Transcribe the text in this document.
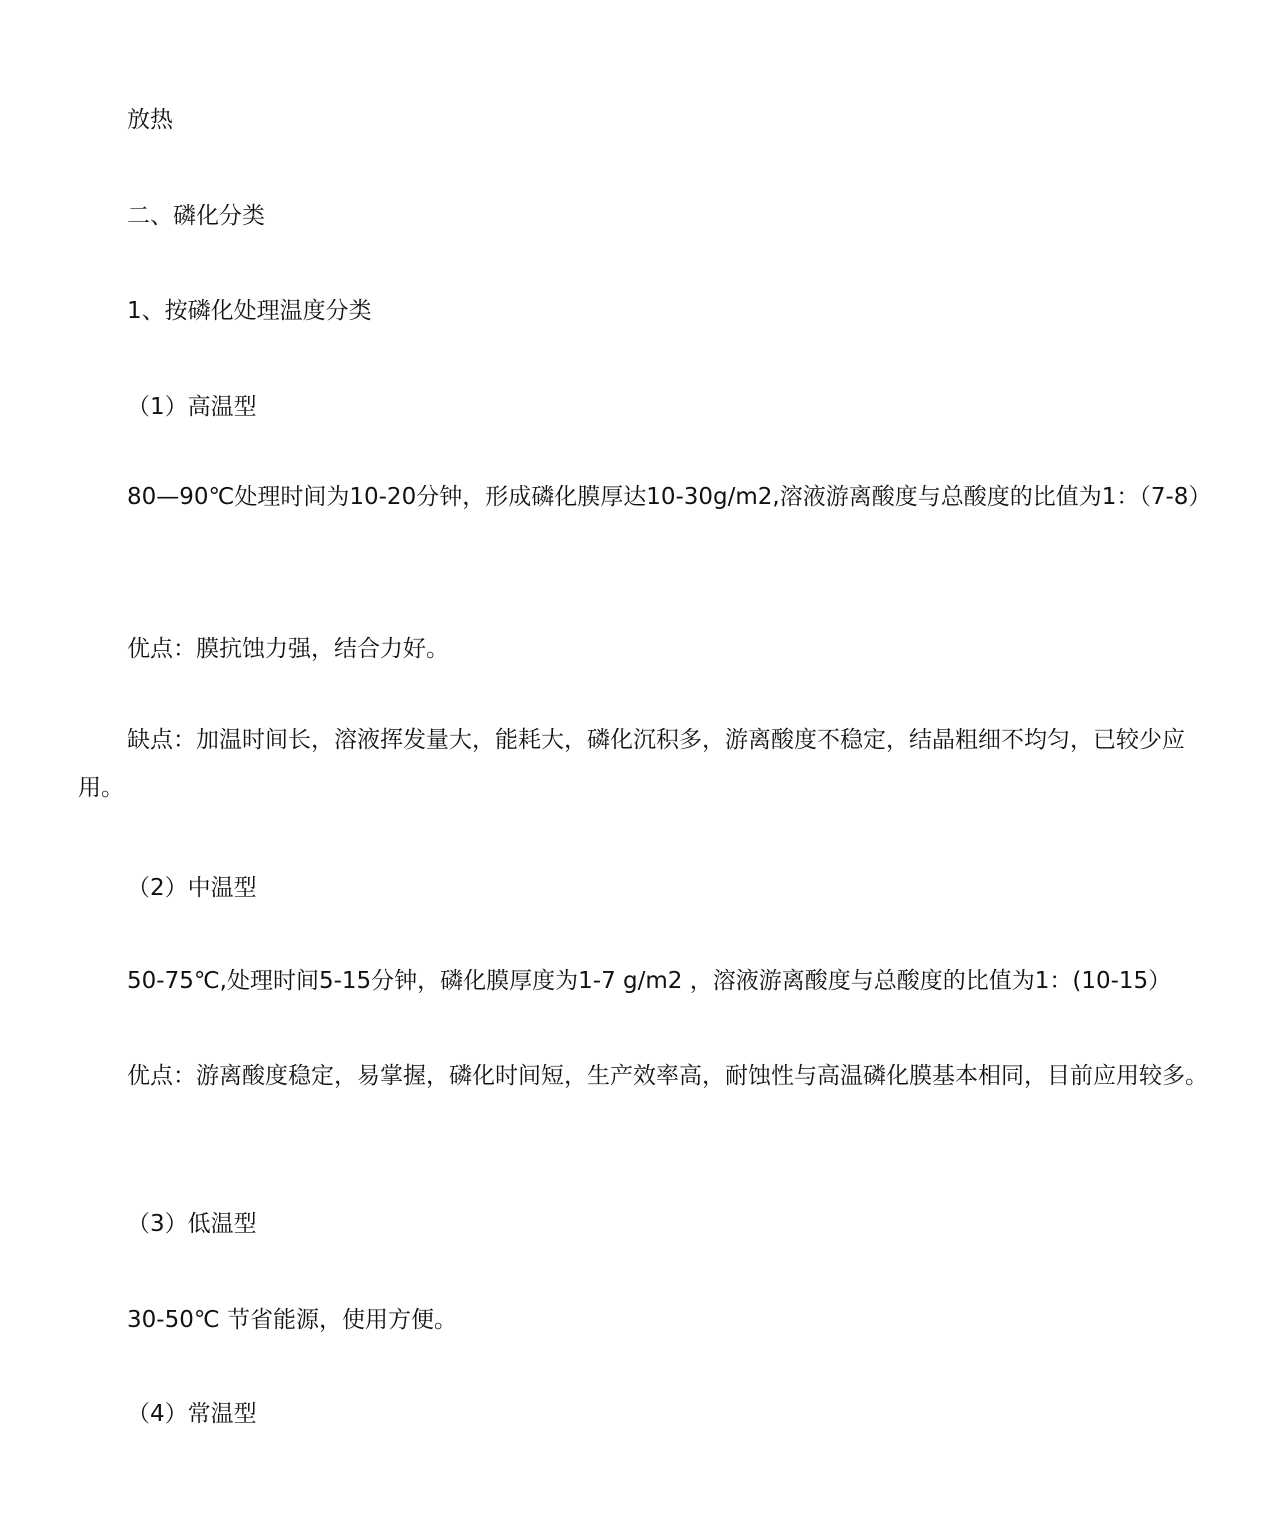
放热

二、磷化分类

1、按磷化处理温度分类

（1）高温型

80—90℃处理时间为10-20分钟，形成磷化膜厚达10-30g/m2,溶液游离酸度与总酸度的比值为1：（7-8）

优点：膜抗蚀力强，结合力好。

缺点：加温时间长，溶液挥发量大，能耗大，磷化沉积多，游离酸度不稳定，结晶粗细不均匀，已较少应用。

（2）中温型

50-75℃,处理时间5-15分钟，磷化膜厚度为1-7 g/m2 ，溶液游离酸度与总酸度的比值为1：(10-15）

优点：游离酸度稳定，易掌握，磷化时间短，生产效率高，耐蚀性与高温磷化膜基本相同，目前应用较多。

（3）低温型

30-50℃ 节省能源，使用方便。

（4）常温型
